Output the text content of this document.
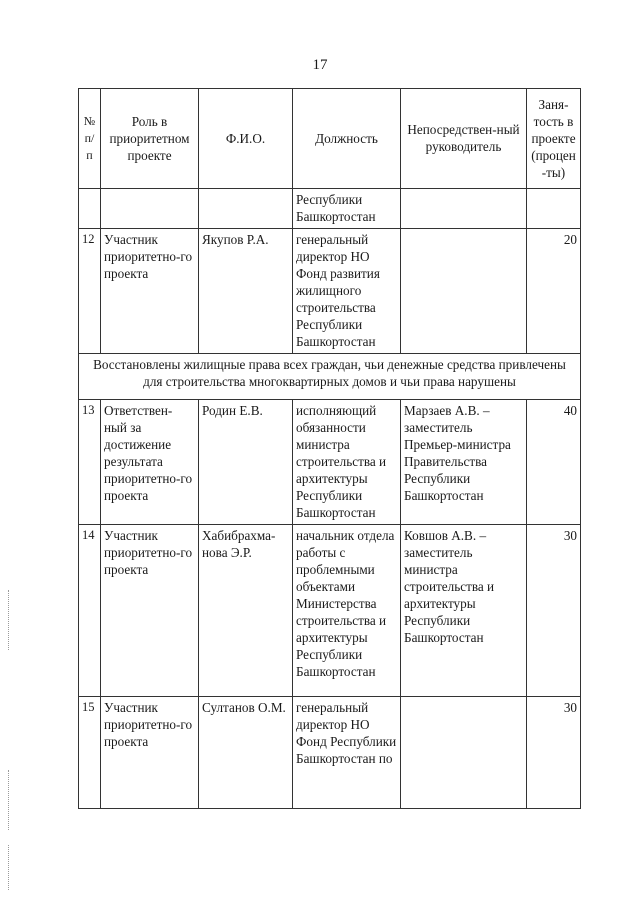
17
№ п/п	Роль в приоритетном проекте	Ф.И.О.	Должность	Непосредствен-ный руководитель	Заня-тость в проекте (процен-ты)
			Республики Башкортостан		
12	Участник приоритетно-го проекта	Якупов Р.А.	генеральный директор НО Фонд развития жилищного строительства Республики Башкортостан		20
Восстановлены жилищные права всех граждан, чьи денежные средства привлечены для строительства многоквартирных домов и чьи права нарушены					
13	Ответствен-ный за достижение результата приоритетно-го проекта	Родин Е.В.	исполняющий обязанности министра строительства и архитектуры Республики Башкортостан	Марзаев А.В. – заместитель Премьер-министра Правительства Республики Башкортостан	40
14	Участник приоритетно-го проекта	Хабибрахма-нова Э.Р.	начальник отдела работы с проблемными объектами Министерства строительства и архитектуры Республики Башкортостан	Ковшов А.В. – заместитель министра строительства и архитектуры Республики Башкортостан	30
15	Участник приоритетно-го проекта	Султанов О.М.	генеральный директор НО Фонд Республики Башкортостан по		30
